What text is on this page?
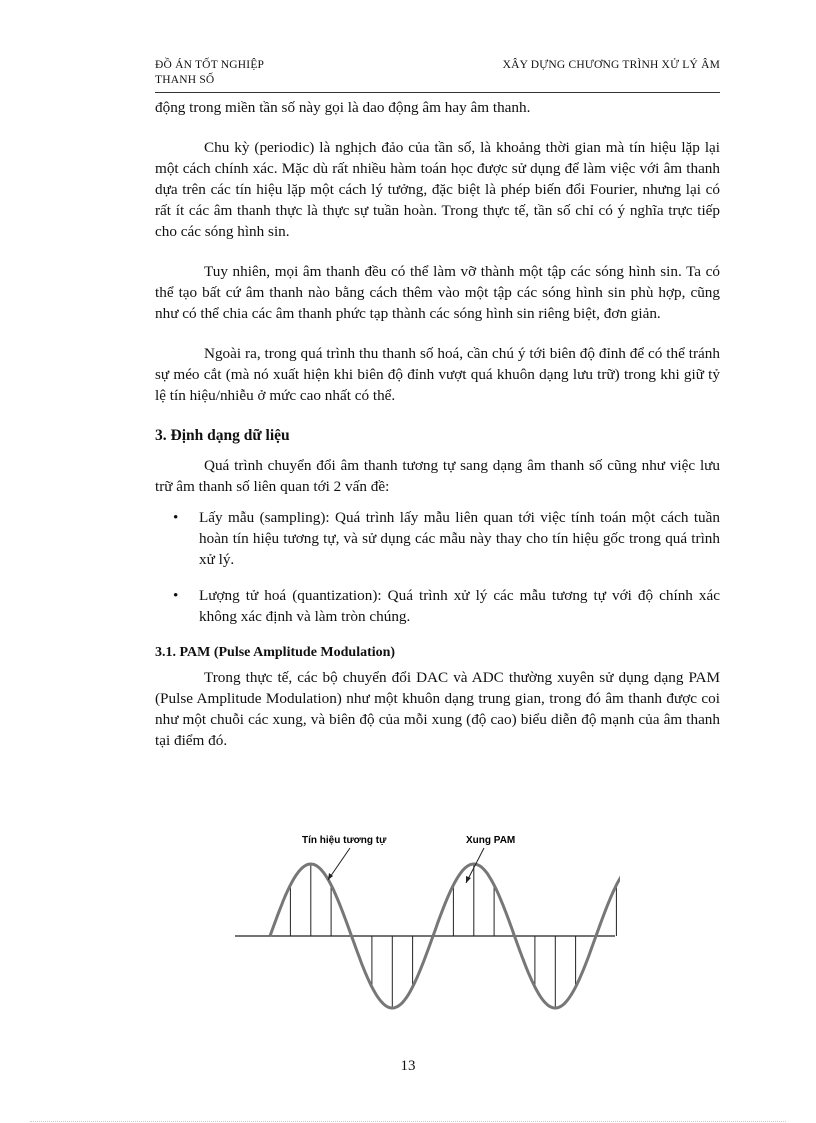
ĐỒ ÁN TỐT NGHIỆP
THANH SỐ
XÂY DỰNG CHƯƠNG TRÌNH XỬ LÝ ÂM

động trong miền tần số này gọi là dao động âm hay âm thanh.

Chu kỳ (periodic) là nghịch đảo của tần số, là khoảng thời gian mà tín hiệu lặp lại một cách chính xác. Mặc dù rất nhiều hàm toán học được sử dụng để làm việc với âm thanh dựa trên các tín hiệu lặp một cách lý tưởng, đặc biệt là phép biến đổi Fourier, nhưng lại có rất ít các âm thanh thực là thực sự tuần hoàn. Trong thực tế, tần số chỉ có ý nghĩa trực tiếp cho các sóng hình sin.

Tuy nhiên, mọi âm thanh đều có thể làm vỡ thành một tập các sóng hình sin. Ta có thể tạo bất cứ âm thanh nào bằng cách thêm vào một tập các sóng hình sin phù hợp, cũng như có thể chia các âm thanh phức tạp thành các sóng hình sin riêng biệt, đơn giản.

Ngoài ra, trong quá trình thu thanh số hoá, cần chú ý tới biên độ đỉnh để có thể tránh sự méo cắt (mà nó xuất hiện khi biên độ đỉnh vượt quá khuôn dạng lưu trữ) trong khi giữ tỷ lệ tín hiệu/nhiễu ở mức cao nhất có thể.

3. Định dạng dữ liệu

Quá trình chuyển đổi âm thanh tương tự sang dạng âm thanh số cũng như việc lưu trữ âm thanh số liên quan tới 2 vấn đề:

• Lấy mẫu (sampling): Quá trình lấy mẫu liên quan tới việc tính toán một cách tuần hoàn tín hiệu tương tự, và sử dụng các mẫu này thay cho tín hiệu gốc trong quá trình xử lý.
• Lượng tử hoá (quantization): Quá trình xử lý các mẫu tương tự với độ chính xác không xác định và làm tròn chúng.
3.1. PAM (Pulse Amplitude Modulation)

Trong thực tế, các bộ chuyển đổi DAC và ADC thường xuyên sử dụng dạng PAM (Pulse Amplitude Modulation) như một khuôn dạng trung gian, trong đó âm thanh được coi như một chuỗi các xung, và biên độ của mỗi xung (độ cao) biểu diễn độ mạnh của âm thanh tại điểm đó.

Tín hiệu tương tự	Xung PAM
13
